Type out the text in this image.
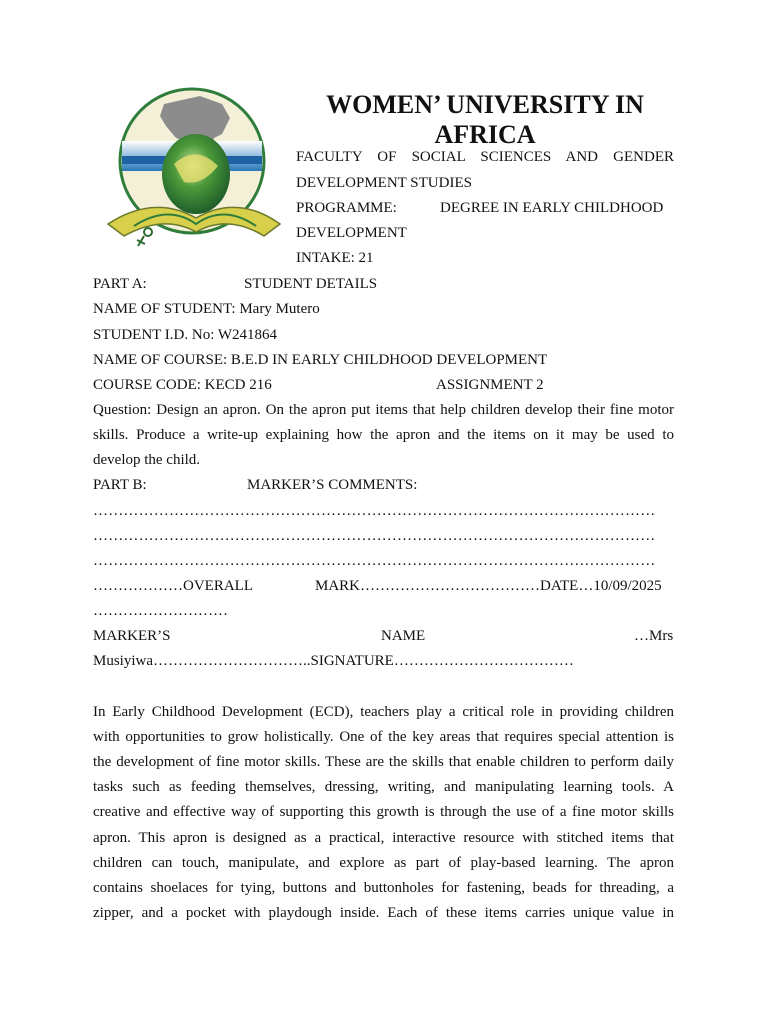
WOMEN’ UNIVERSITY IN AFRICA
FACULTY OF SOCIAL SCIENCES AND GENDER
DEVELOPMENT STUDIES
PROGRAMME:	DEGREE IN EARLY CHILDHOOD
DEVELOPMENT
INTAKE: 21
PART A:	STUDENT DETAILS
NAME OF STUDENT: Mary Mutero
STUDENT I.D. No: W241864
NAME OF COURSE: B.E.D IN EARLY CHILDHOOD DEVELOPMENT
COURSE CODE: KECD 216	ASSIGNMENT 2
Question: Design an apron. On the apron put items that help children develop their fine motor
skills. Produce a write-up explaining how the apron and the items on it may be used to
develop the child.
PART B:	MARKER’S COMMENTS:
…………………………………………………………………………………………………
…………………………………………………………………………………………………
…………………………………………………………………………………………………
………………OVERALL	MARK………………………………DATE…10/09/2025
………………………
MARKER’S	NAME	…Mrs
Musiyiwa…………………………..SIGNATURE………………………………
In Early Childhood Development (ECD), teachers play a critical role in providing children
with opportunities to grow holistically. One of the key areas that requires special attention is
the development of fine motor skills. These are the skills that enable children to perform daily
tasks such as feeding themselves, dressing, writing, and manipulating learning tools. A
creative and effective way of supporting this growth is through the use of a fine motor skills
apron. This apron is designed as a practical, interactive resource with stitched items that
children can touch, manipulate, and explore as part of play-based learning. The apron
contains shoelaces for tying, buttons and buttonholes for fastening, beads for threading, a
zipper, and a pocket with playdough inside. Each of these items carries unique value in
